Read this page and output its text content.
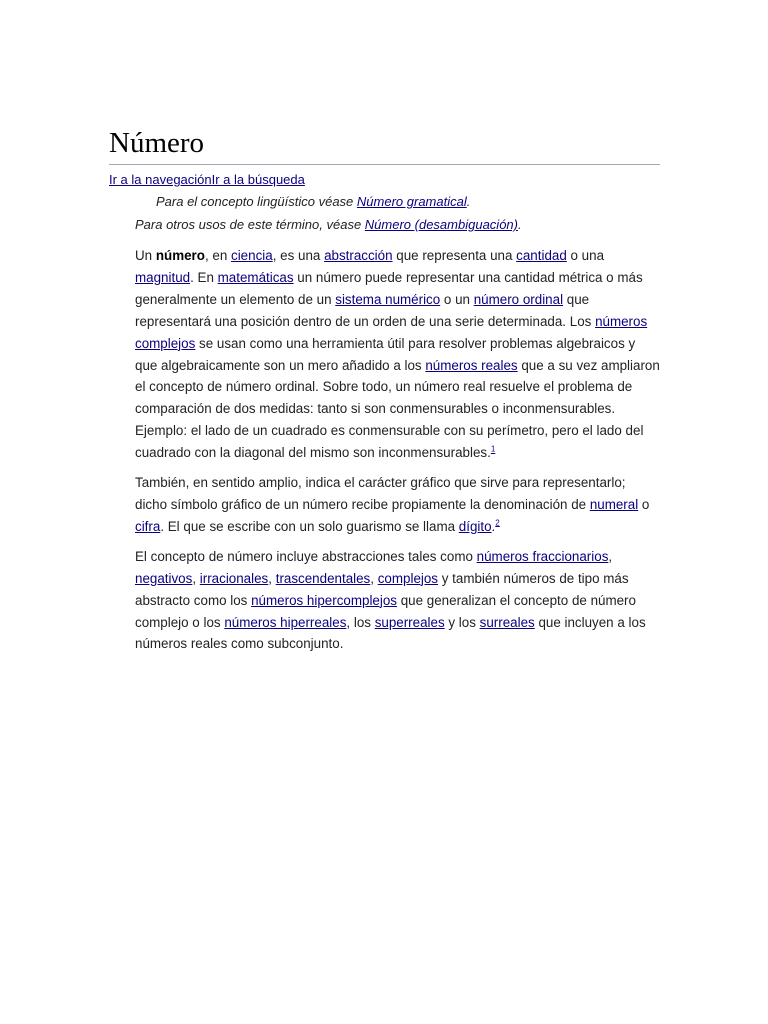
Número
Ir a la navegaciónIr a la búsqueda
Para el concepto lingüístico véase Número gramatical.
Para otros usos de este término, véase Número (desambiguación).

Un número, en ciencia, es una abstracción que representa una cantidad o una magnitud. En matemáticas un número puede representar una cantidad métrica o más generalmente un elemento de un sistema numérico o un número ordinal que representará una posición dentro de un orden de una serie determinada. Los números complejos se usan como una herramienta útil para resolver problemas algebraicos y que algebraicamente son un mero añadido a los números reales que a su vez ampliaron el concepto de número ordinal. Sobre todo, un número real resuelve el problema de comparación de dos medidas: tanto si son conmensurables o inconmensurables. Ejemplo: el lado de un cuadrado es conmensurable con su perímetro, pero el lado del cuadrado con la diagonal del mismo son inconmensurables.$^1$

También, en sentido amplio, indica el carácter gráfico que sirve para representarlo; dicho símbolo gráfico de un número recibe propiamente la denominación de numeral o cifra. El que se escribe con un solo guarismo se llama dígito.$^2$

El concepto de número incluye abstracciones tales como números fraccionarios, negativos, irracionales, trascendentales, complejos y también números de tipo más abstracto como los números hipercomplejos que generalizan el concepto de número complejo o los números hiperreales, los superreales y los surreales que incluyen a los números reales como subconjunto.
